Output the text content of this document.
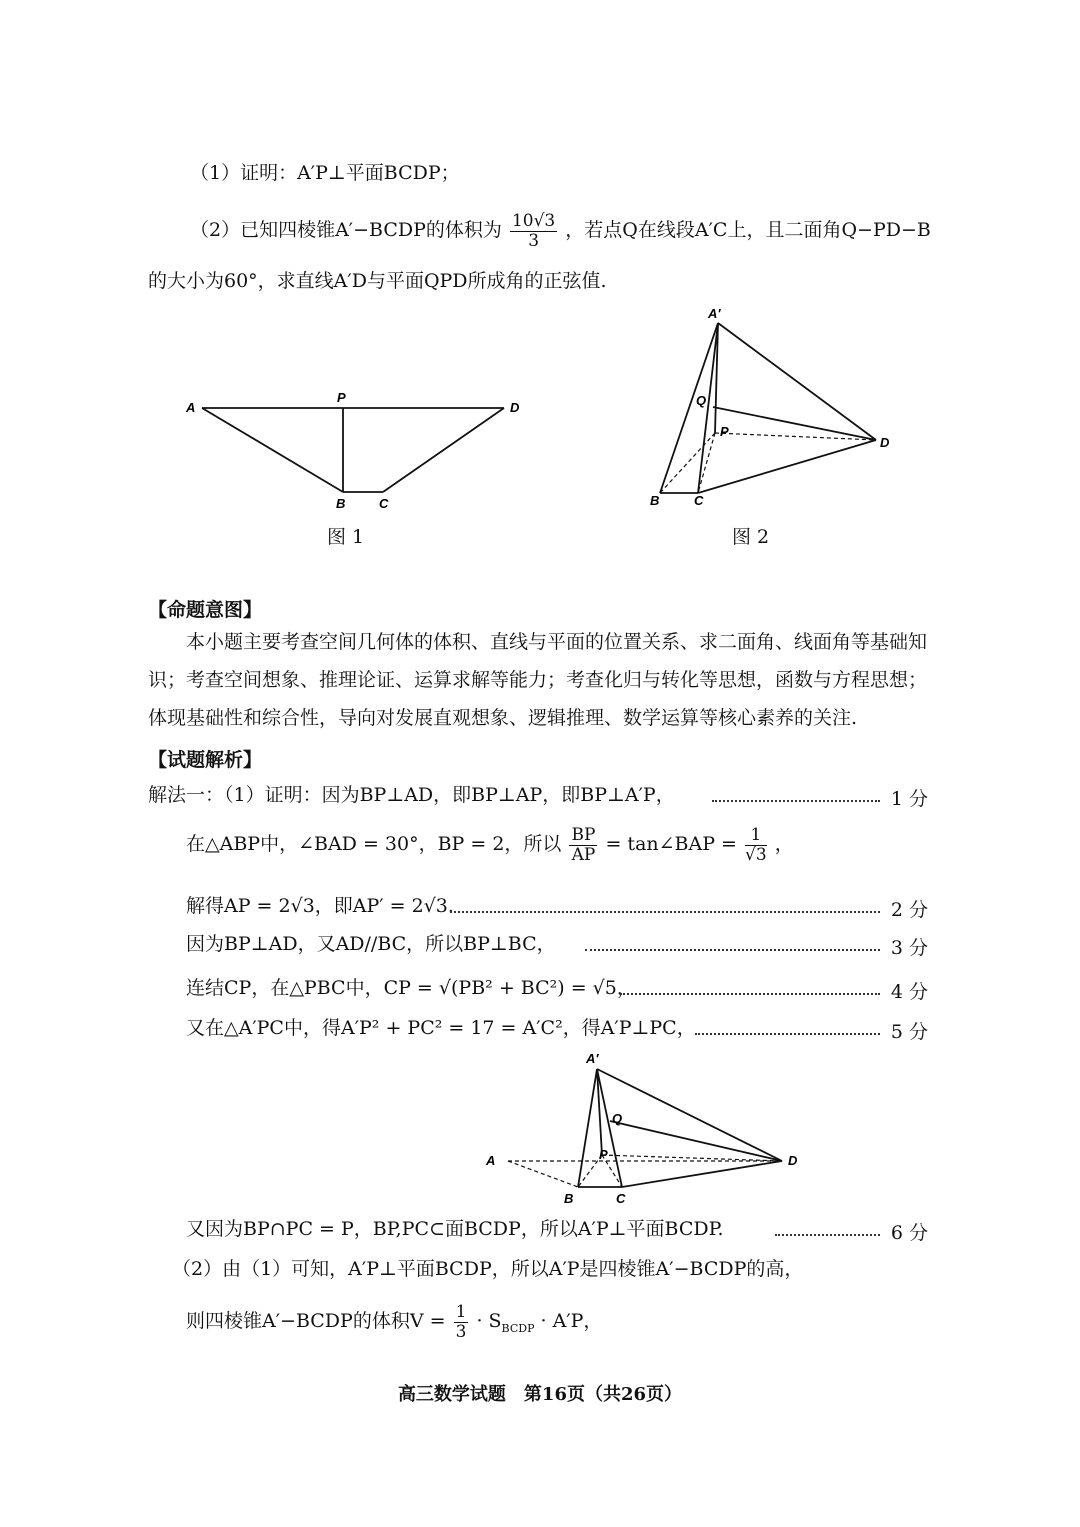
（1）证明：A′P⊥平面BCDP；
（2）已知四棱锥A′−BCDP的体积为 $\frac{10√3}{3}$ ，若点Q在线段A′C上，且二面角Q−PD−B
的大小为60°，求直线A′D与平面QPD所成角的正弦值.
A
P
D
B	C
图 1
A′
Q
P
D
B	C
图 2
【命题意图】
本小题主要考查空间几何体的体积、直线与平面的位置关系、求二面角、线面角等基础知识；考查空间想象、推理论证、运算求解等能力；考查化归与转化等思想，函数与方程思想；体现基础性和综合性，导向对发展直观想象、逻辑推理、数学运算等核心素养的关注.
【试题解析】
解法一：（1）证明：因为BP⊥AD，即BP⊥AP，即BP⊥A′P，	1 分
在△ABP中，∠BAD = 30°，BP = 2，所以 $\frac{BP}{AP}$ = tan∠BAP = $\frac{1}{√3}$ ，
解得AP = 2√3，即AP′ = 2√3.	2 分
因为BP⊥AD，又AD//BC，所以BP⊥BC，	3 分
连结CP，在△PBC中，CP = √(PB² + BC²) = √5，	4 分
又在△A′PC中，得A′P² + PC² = 17 = A′C²，得A′P⊥PC，	5 分
A′
Q
P
A
B	C
D
又因为BP∩PC = P，BP,PC⊂面BCDP，所以A′P⊥平面BCDP.	6 分
（2）由（1）可知，A′P⊥平面BCDP，所以A′P是四棱锥A′−BCDP的高，
则四棱锥A′−BCDP的体积$V = \frac{1}{3} \cdot S_{BCDP} \cdot A'P$，
高三数学试题　第16页（共26页）
